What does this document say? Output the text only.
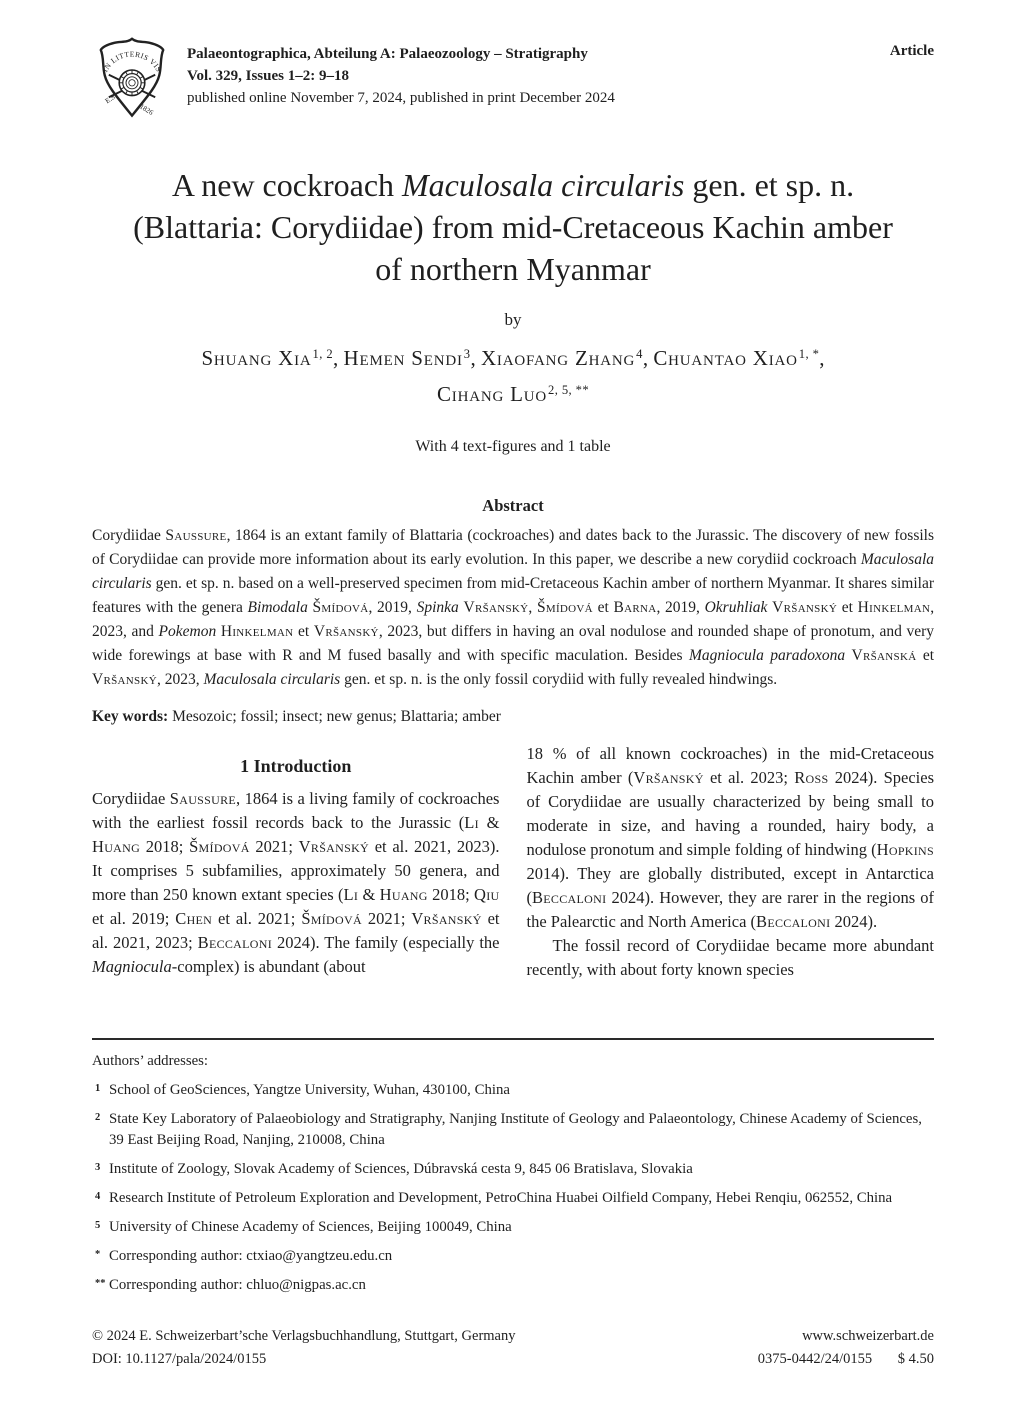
IN LITTERIS VIS
E.S.
1826
Palaeontographica, Abteilung A: Palaeozoology – Stratigraphy
Vol. 329, Issues 1–2: 9–18
published online November 7, 2024, published in print December 2024
Article
A new cockroach Maculosala circularis gen. et sp. n.
(Blattaria: Corydiidae) from mid-Cretaceous Kachin amber
of northern Myanmar
by
Shuang Xia$^{1, 2}$, Hemen Sendi$^3$, Xiaofang Zhang$^4$, Chuantao Xiao$^{1, *}$,
Cihang Luo$^{2, 5, **}$
With 4 text-figures and 1 table
Abstract

Corydiidae Saussure, 1864 is an extant family of Blattaria (cockroaches) and dates back to the Jurassic. The discovery of new fossils of Corydiidae can provide more information about its early evolution. In this paper, we describe a new corydiid cockroach Maculosala circularis gen. et sp. n. based on a well-preserved specimen from mid-Cretaceous Kachin amber of northern Myanmar. It shares similar features with the genera Bimodala Šmídová, 2019, Spinka Vršanský, Šmídová et Barna, 2019, Okruhliak Vršanský et Hinkelman, 2023, and Pokemon Hinkelman et Vršanský, 2023, but differs in having an oval nodulose and rounded shape of pronotum, and very wide forewings at base with R and M fused basally and with specific maculation. Besides Magniocula paradoxona Vršanská et Vršanský, 2023, Maculosala circularis gen. et sp. n. is the only fossil corydiid with fully revealed hindwings.

Key words: Mesozoic; fossil; insect; new genus; Blattaria; amber

1 Introduction

Corydiidae Saussure, 1864 is a living family of cockroaches with the earliest fossil records back to the Jurassic (Li & Huang 2018; Šmídová 2021; Vršanský et al. 2021, 2023). It comprises 5 subfamilies, approximately 50 genera, and more than 250 known extant species (Li & Huang 2018; Qiu et al. 2019; Chen et al. 2021; Šmídová 2021; Vršanský et al. 2021, 2023; Beccaloni 2024). The family (especially the Magniocula-complex) is abundant (about

18 % of all known cockroaches) in the mid-Cretaceous Kachin amber (Vršanský et al. 2023; Ross 2024). Species of Corydiidae are usually characterized by being small to moderate in size, and having a rounded, hairy body, a nodulose pronotum and simple folding of hindwing (Hopkins 2014). They are globally distributed, except in Antarctica (Beccaloni 2024). However, they are rarer in the regions of the Palearctic and North America (Beccaloni 2024).

The fossil record of Corydiidae became more abundant recently, with about forty known species

Authors’ addresses:
1 School of GeoSciences, Yangtze University, Wuhan, 430100, China
2 State Key Laboratory of Palaeobiology and Stratigraphy, Nanjing Institute of Geology and Palaeontology, Chinese Academy of Sciences, 39 East Beijing Road, Nanjing, 210008, China
3 Institute of Zoology, Slovak Academy of Sciences, Dúbravská cesta 9, 845 06 Bratislava, Slovakia
4 Research Institute of Petroleum Exploration and Development, PetroChina Huabei Oilfield Company, Hebei Renqiu, 062552, China
5 University of Chinese Academy of Sciences, Beijing 100049, China
* Corresponding author: ctxiao@yangtzeu.edu.cn
** Corresponding author: chluo@nigpas.ac.cn
© 2024 E. Schweizerbart’sche Verlagsbuchhandlung, Stuttgart, Germany	www.schweizerbart.de
DOI: 10.1127/pala/2024/0155	0375-0442/24/0155 $ 4.50
